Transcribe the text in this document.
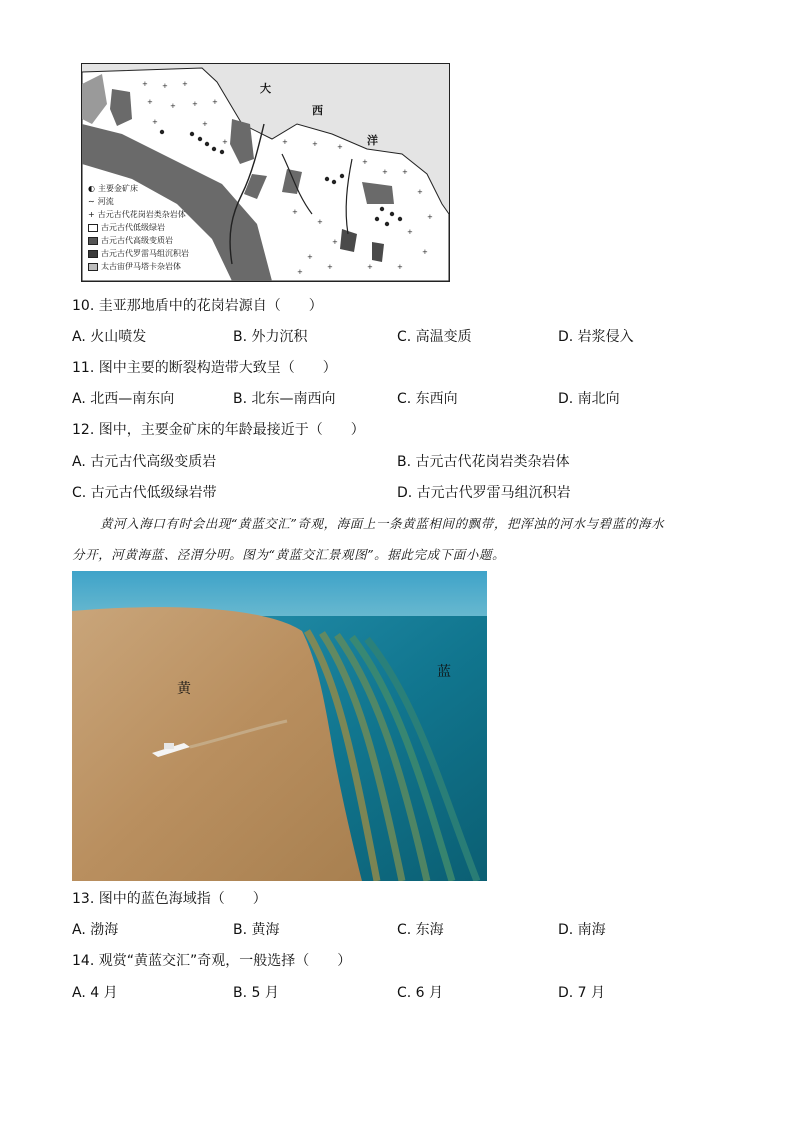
+ + +
+ + + +
+	+
+	+	+	+
+
+
+
+
+
+
+
+
+
+
+
+
+
+
+
大
西
洋
◐ 主要金矿床
∼ 河流
+ 古元古代花岗岩类杂岩体
古元古代低级绿岩
古元古代高级变质岩
古元古代罗雷马组沉积岩
太古宙伊马塔卡杂岩体
10. 圭亚那地盾中的花岗岩源自（　　）
A. 火山喷发	B. 外力沉积	C. 高温变质	D. 岩浆侵入
11. 图中主要的断裂构造带大致呈（　　）
A. 北西—南东向	B. 北东—南西向	C. 东西向	D. 南北向
12. 图中，主要金矿床的年龄最接近于（　　）
A. 古元古代高级变质岩	B. 古元古代花岗岩类杂岩体
C. 古元古代低级绿岩带	D. 古元古代罗雷马组沉积岩
黄河入海口有时会出现“黄蓝交汇”奇观，海面上一条黄蓝相间的飘带，把浑浊的河水与碧蓝的海水
分开，河黄海蓝、泾渭分明。图为“黄蓝交汇景观图”。据此完成下面小题。
黄
蓝
13. 图中的蓝色海域指（　　）
A. 渤海	B. 黄海	C. 东海	D. 南海
14. 观赏“黄蓝交汇”奇观，一般选择（　　）
A. 4 月	B. 5 月	C. 6 月	D. 7 月
